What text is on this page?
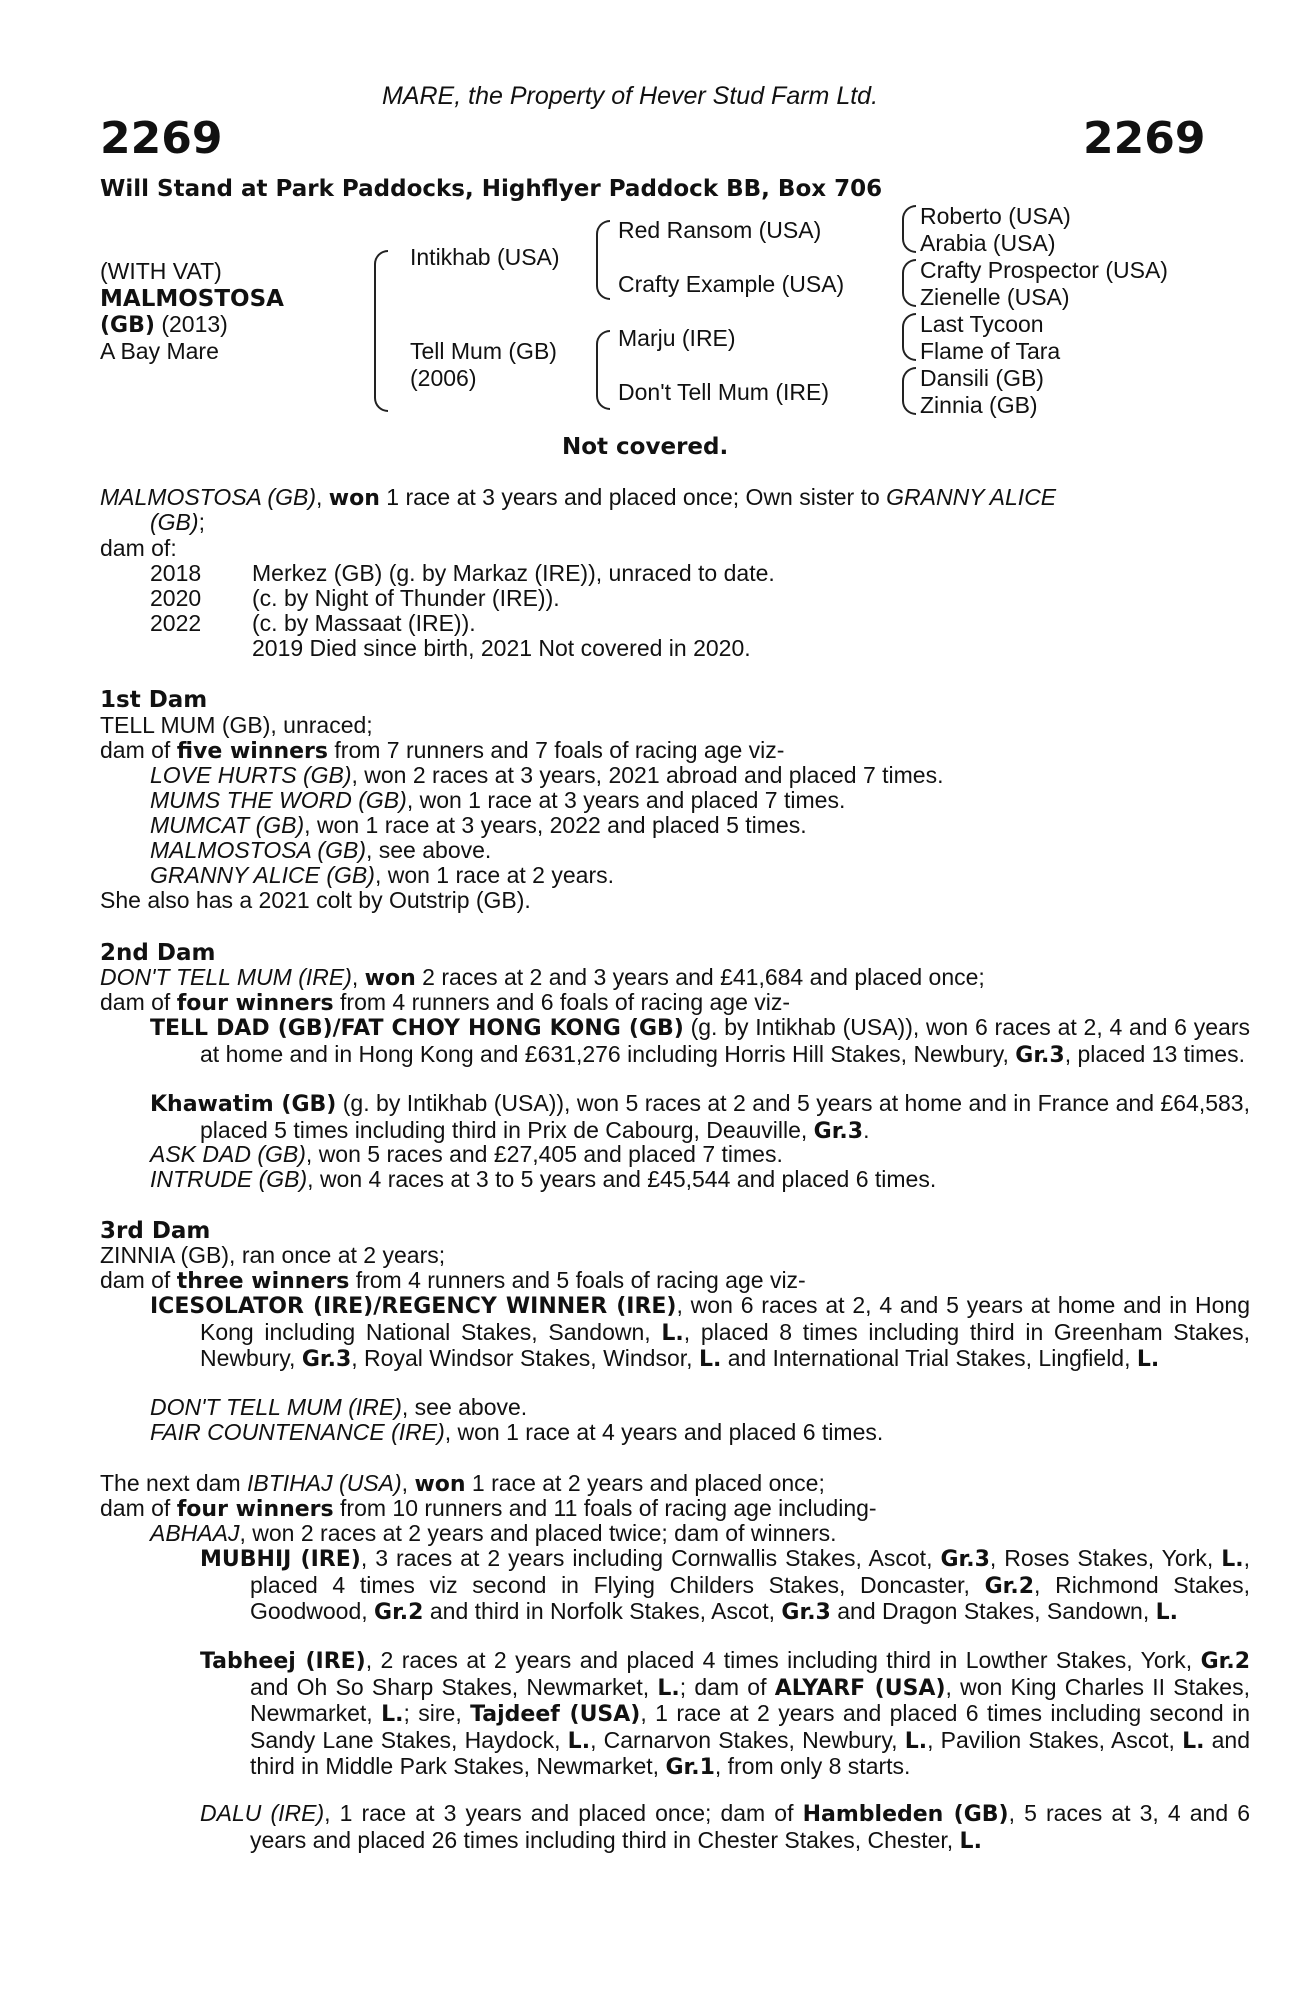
MARE, the Property of Hever Stud Farm Ltd.
2269	2269
Will Stand at Park Paddocks, Highflyer Paddock BB, Box 706
(WITH VAT)
MALMOSTOSA
(GB) (2013)
A Bay Mare
Intikhab (USA)
Tell Mum (GB)
(2006)
Red Ransom (USA)
Crafty Example (USA)
Marju (IRE)
Don't Tell Mum (IRE)
Roberto (USA)
Arabia (USA)
Crafty Prospector (USA)
Zienelle (USA)
Last Tycoon
Flame of Tara
Dansili (GB)
Zinnia (GB)
Not covered.
MALMOSTOSA (GB), won 1 race at 3 years and placed once; Own sister to GRANNY ALICE
(GB);
dam of:
2018 Merkez (GB) (g. by Markaz (IRE)), unraced to date.
2020 (c. by Night of Thunder (IRE)).
2022 (c. by Massaat (IRE)).
2019 Died since birth, 2021 Not covered in 2020.
1st Dam
TELL MUM (GB), unraced;
dam of five winners from 7 runners and 7 foals of racing age viz-
LOVE HURTS (GB), won 2 races at 3 years, 2021 abroad and placed 7 times.
MUMS THE WORD (GB), won 1 race at 3 years and placed 7 times.
MUMCAT (GB), won 1 race at 3 years, 2022 and placed 5 times.
MALMOSTOSA (GB), see above.
GRANNY ALICE (GB), won 1 race at 2 years.
She also has a 2021 colt by Outstrip (GB).
2nd Dam
DON'T TELL MUM (IRE), won 2 races at 2 and 3 years and £41,684 and placed once;
dam of four winners from 4 runners and 6 foals of racing age viz-
TELL DAD (GB)/FAT CHOY HONG KONG (GB) (g. by Intikhab (USA)), won 6 races at 2, 4 and 6 years at home and in Hong Kong and £631,276 including Horris Hill Stakes, Newbury, Gr.3, placed 13 times.
Khawatim (GB) (g. by Intikhab (USA)), won 5 races at 2 and 5 years at home and in France and £64,583, placed 5 times including third in Prix de Cabourg, Deauville, Gr.3.
ASK DAD (GB), won 5 races and £27,405 and placed 7 times.
INTRUDE (GB), won 4 races at 3 to 5 years and £45,544 and placed 6 times.
3rd Dam
ZINNIA (GB), ran once at 2 years;
dam of three winners from 4 runners and 5 foals of racing age viz-
ICESOLATOR (IRE)/REGENCY WINNER (IRE), won 6 races at 2, 4 and 5 years at home and in Hong Kong including National Stakes, Sandown, L., placed 8 times including third in Greenham Stakes, Newbury, Gr.3, Royal Windsor Stakes, Windsor, L. and International Trial Stakes, Lingfield, L.
DON'T TELL MUM (IRE), see above.
FAIR COUNTENANCE (IRE), won 1 race at 4 years and placed 6 times.
The next dam IBTIHAJ (USA), won 1 race at 2 years and placed once;
dam of four winners from 10 runners and 11 foals of racing age including-
ABHAAJ, won 2 races at 2 years and placed twice; dam of winners.
MUBHIJ (IRE), 3 races at 2 years including Cornwallis Stakes, Ascot, Gr.3, Roses Stakes, York, L., placed 4 times viz second in Flying Childers Stakes, Doncaster, Gr.2, Richmond Stakes, Goodwood, Gr.2 and third in Norfolk Stakes, Ascot, Gr.3 and Dragon Stakes, Sandown, L.
Tabheej (IRE), 2 races at 2 years and placed 4 times including third in Lowther Stakes, York, Gr.2 and Oh So Sharp Stakes, Newmarket, L.; dam of ALYARF (USA), won King Charles II Stakes, Newmarket, L.; sire, Tajdeef (USA), 1 race at 2 years and placed 6 times including second in Sandy Lane Stakes, Haydock, L., Carnarvon Stakes, Newbury, L., Pavilion Stakes, Ascot, L. and third in Middle Park Stakes, Newmarket, Gr.1, from only 8 starts.
DALU (IRE), 1 race at 3 years and placed once; dam of Hambleden (GB), 5 races at 3, 4 and 6 years and placed 26 times including third in Chester Stakes, Chester, L.
